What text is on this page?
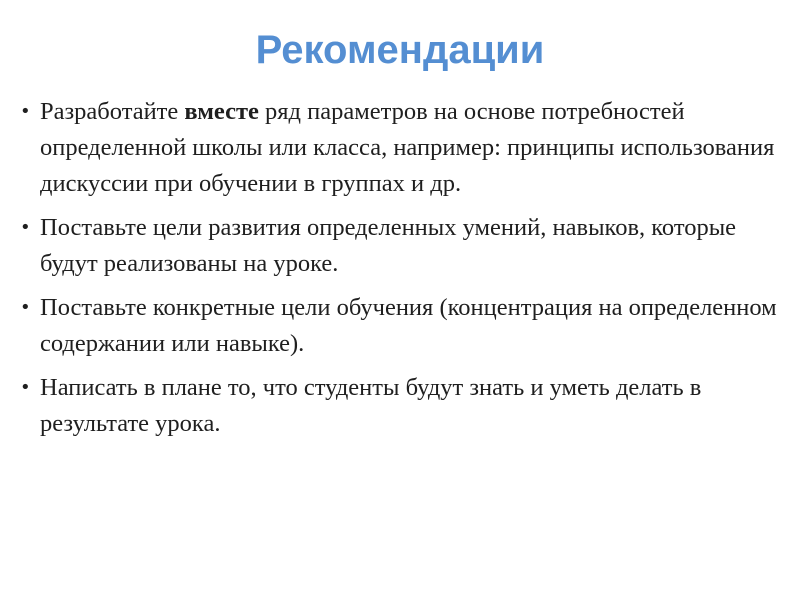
Рекомендации
• Разработайте вместе ряд параметров на основе потребностей определенной школы или класса, например: принципы использования дискуссии при обучении в группах и др.
• Поставьте цели развития определенных умений, навыков, которые будут реализованы на уроке.
• Поставьте конкретные цели обучения (концентрация на определенном содержании или навыке).
• Написать в плане то, что студенты будут знать и уметь делать в результате урока.
